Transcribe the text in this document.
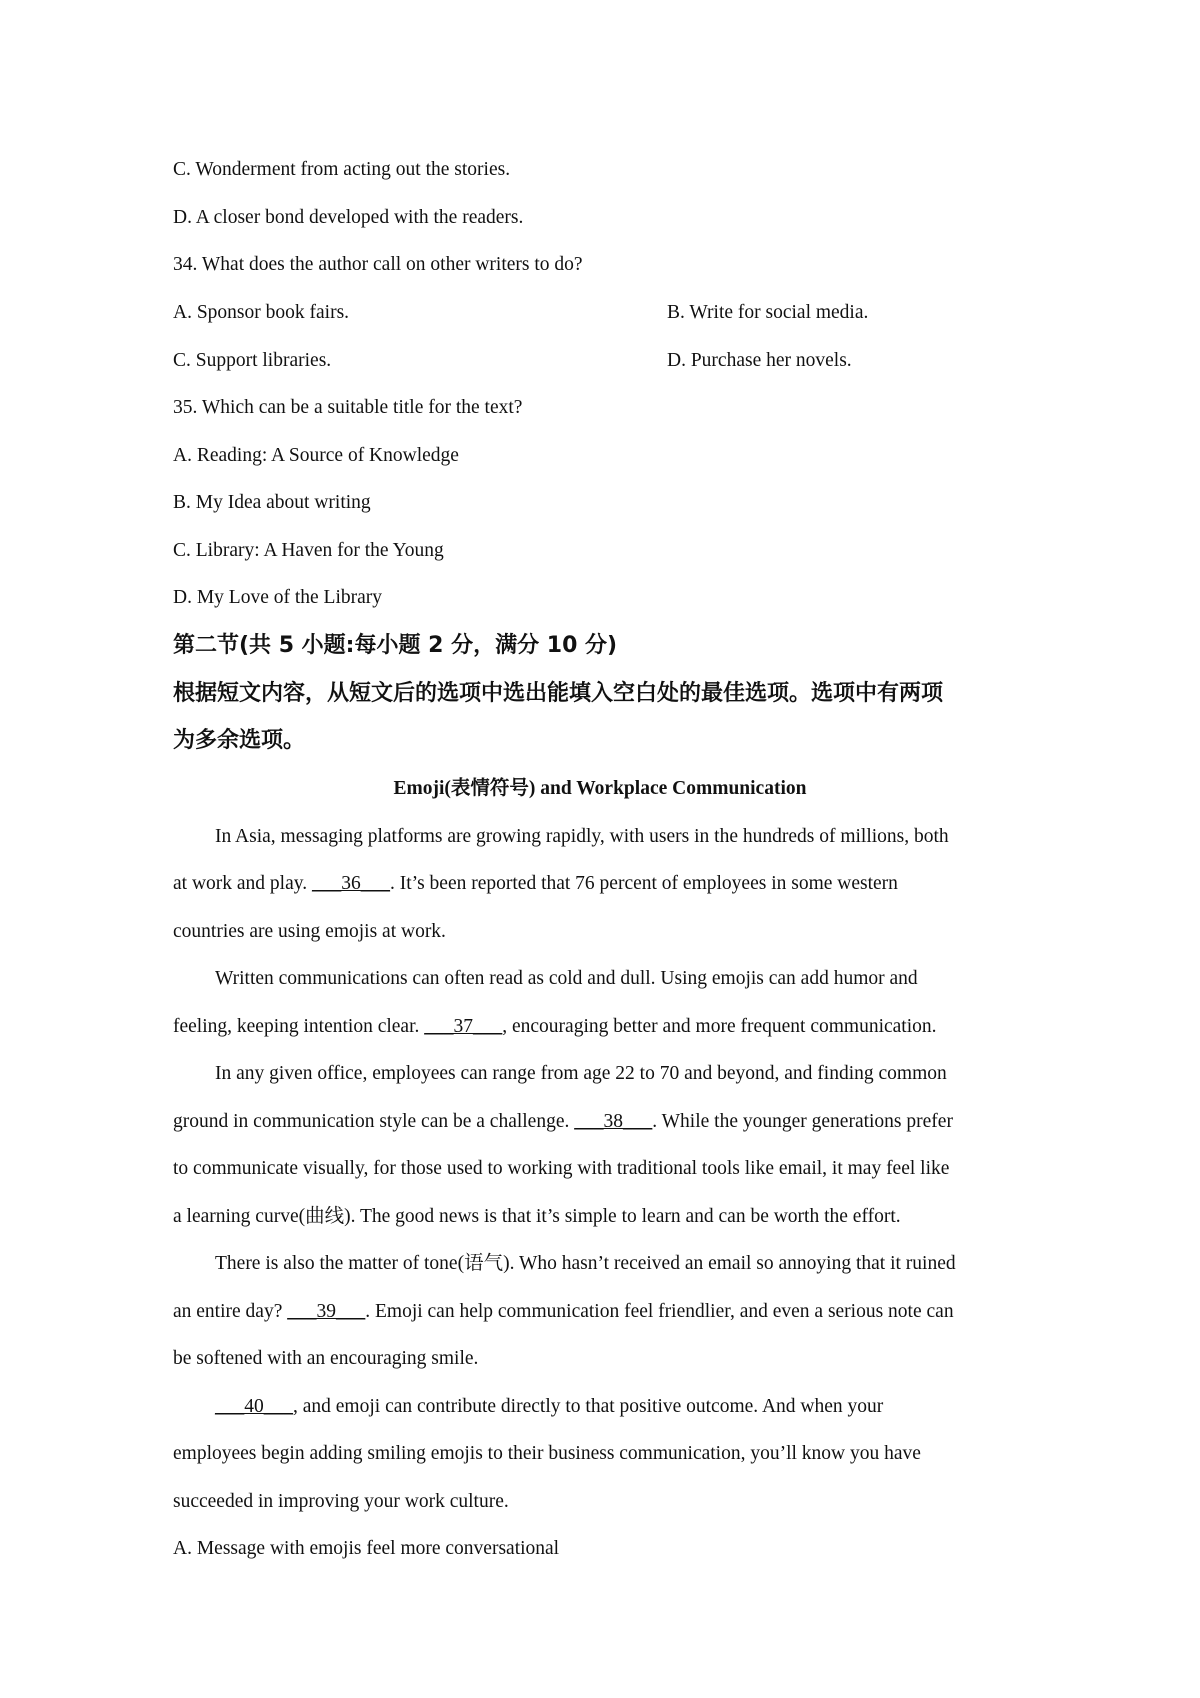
C. Wonderment from acting out the stories.
D. A closer bond developed with the readers.
34. What does the author call on other writers to do?
A. Sponsor book fairs.	B. Write for social media.
C. Support libraries.	D. Purchase her novels.
35. Which can be a suitable title for the text?
A. Reading: A Source of Knowledge
B. My Idea about writing
C. Library: A Haven for the Young
D. My Love of the Library
第二节(共 5 小题:每小题 2 分，满分 10 分)
根据短文内容，从短文后的选项中选出能填入空白处的最佳选项。选项中有两项
为多余选项。
Emoji(表情符号) and Workplace Communication
In Asia, messaging platforms are growing rapidly, with users in the hundreds of millions, both
at work and play. ___36___. It’s been reported that 76 percent of employees in some western
countries are using emojis at work.
Written communications can often read as cold and dull. Using emojis can add humor and
feeling, keeping intention clear. ___37___, encouraging better and more frequent communication.
In any given office, employees can range from age 22 to 70 and beyond, and finding common
ground in communication style can be a challenge. ___38___. While the younger generations prefer
to communicate visually, for those used to working with traditional tools like email, it may feel like
a learning curve(曲线). The good news is that it’s simple to learn and can be worth the effort.
There is also the matter of tone(语气). Who hasn’t received an email so annoying that it ruined
an entire day? ___39___. Emoji can help communication feel friendlier, and even a serious note can
be softened with an encouraging smile.
___40___, and emoji can contribute directly to that positive outcome. And when your
employees begin adding smiling emojis to their business communication, you’ll know you have
succeeded in improving your work culture.
A. Message with emojis feel more conversational
